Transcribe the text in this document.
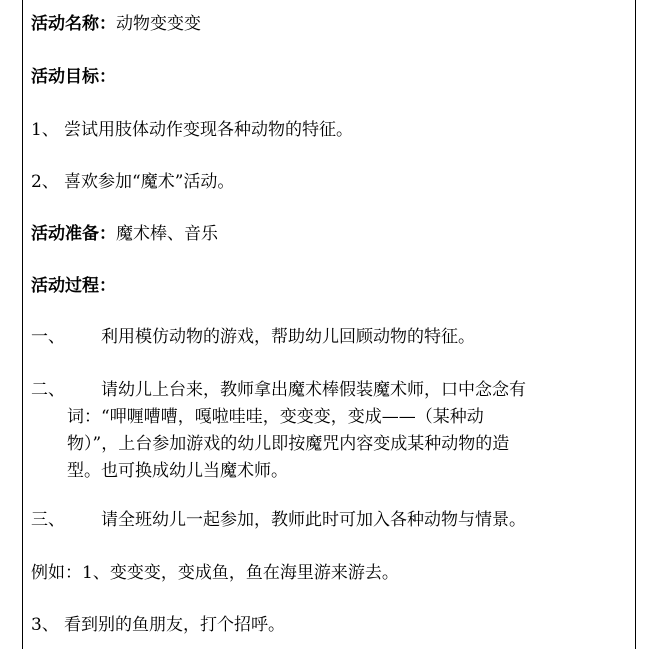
活动名称：动物变变变
活动目标：
1、 尝试用肢体动作变现各种动物的特征。
2、 喜欢参加“魔术”活动。
活动准备：魔术棒、音乐
活动过程：
一、 利用模仿动物的游戏，帮助幼儿回顾动物的特征。
二、 请幼儿上台来，教师拿出魔术棒假装魔术师，口中念念有
词：“呷喱嘈嘈，嘎啦哇哇，变变变，变成——（某种动
物）”，上台参加游戏的幼儿即按魔咒内容变成某种动物的造
型。也可换成幼儿当魔术师。
三、 请全班幼儿一起参加，教师此时可加入各种动物与情景。
例如：1、变变变，变成鱼，鱼在海里游来游去。
3、 看到别的鱼朋友，打个招呼。
